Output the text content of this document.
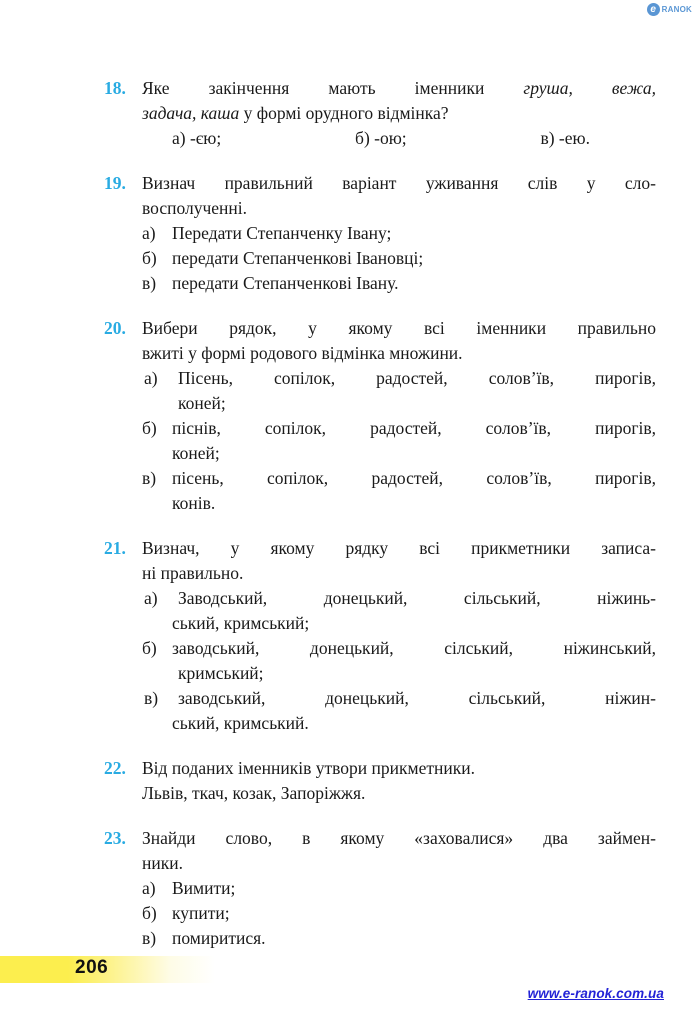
e RANOK
18. Яке закінчення мають іменники груша, вежа,

задача, каша у формі орудного відмінка?

а) -єю;	б) -ою;	в) -ею.
19. Визнач правильний варіант уживання слів у сло-

восполученні.

а) Передати Степанченку Івану;

б) передати Степанченкові Івановці;

в) передати Степанченкові Івану.

20. Вибери рядок, у якому всі іменники правильно

вжиті у формі родового відмінка множини.

а) Пісень, сопілок, радостей, солов’їв, пирогів,

коней;

б) піснів, сопілок, радостей, солов’їв, пирогів,

коней;

в) пісень, сопілок, радостей, солов’їв, пирогів,

конів.

21. Визнач, у якому рядку всі прикметники записа-

ні правильно.

а) Заводський, донецький, сільський, ніжинь-

ський, кримський;

б) заводський, донецький, сілський, ніжинський,

кримський;

в) заводський, донецький, сільський, ніжин-

ський, кримський.

22. Від поданих іменників утвори прикметники.

Львів, ткач, козак, Запоріжжя.

23. Знайди слово, в якому «заховалися» два займен-

ники.

а) Вимити;

б) купити;

в) помиритися.

206
www.e-ranok.com.ua
